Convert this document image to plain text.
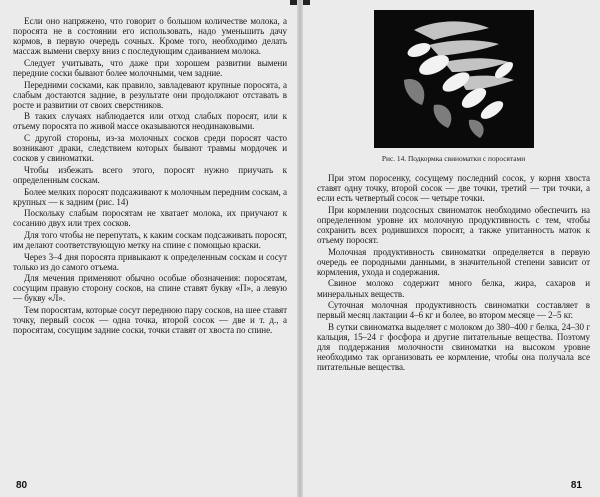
Если оно напряжено, что говорит о большом количестве молока, а поросята не в состоянии его использовать, надо уменьшить дачу кормов, в первую очередь сочных. Кроме того, необходимо делать массаж вымени сверху вниз с последующим сдаиванием молока.

Следует учитывать, что даже при хорошем развитии вымени передние соски бывают более молочными, чем задние.

Передними сосками, как правило, завладевают крупные поросята, а слабым достаются задние, в результате они продолжают отставать в росте и развитии от своих сверстников.

В таких случаях наблюдается или отход слабых поросят, или к отъему поросята по живой массе оказываются неодинаковыми.

С другой стороны, из-за молочных сосков среди поросят часто возникают драки, следствием которых бывают травмы мордочек и сосков у свиноматки.

Чтобы избежать всего этого, поросят нужно приучать к определенным соскам.

Более мелких поросят подсаживают к молочным передним соскам, а крупных — к задним (рис. 14)

Поскольку слабым поросятам не хватает молока, их приучают к сосанию двух или трех сосков.

Для того чтобы не перепутать, к каким соскам подсаживать поросят, им делают соответствующую метку на спине с помощью краски.

Через 3–4 дня поросята привыкают к определенным соскам и сосут только из до самого отъема.

Для мечения применяют обычно особые обозначения: поросятам, сосущим правую сторону сосков, на спине ставят букву «П», а левую — букву «Л».

Тем поросятам, которые сосут переднюю пару сосков, на шее ставят точку, первый сосок — одна точка, второй сосок — две и т. д., а поросятам, сосущим задние соски, точки ставят от хвоста по спине.

80
Рис. 14. Подкормка свиноматки с поросятами

При этом поросенку, сосущему последний сосок, у корня хвоста ставят одну точку, второй сосок — две точки, третий — три точки, а если есть четвертый сосок — четыре точки.

При кормлении подсосных свиноматок необходимо обеспечить на определенном уровне их молочную продуктивность с тем, чтобы сохранить всех родившихся поросят, а также упитанность маток к отъему поросят.

Молочная продуктивность свиноматки определяется в первую очередь ее породными данными, в значительной степени зависит от кормления, ухода и содержания.

Свиное молоко содержит много белка, жира, сахаров и минеральных веществ.

Суточная молочная продуктивность свиноматки составляет в первый месяц лактации 4–6 кг и более, во втором месяце — 2–5 кг.

В сутки свиноматка выделяет с молоком до 380–400 г белка, 24–30 г кальция, 15–24 г фосфора и другие питательные вещества. Поэтому для поддержания молочности свиноматки на высоком уровне необходимо так организовать ее кормление, чтобы она получала все питательные вещества.

81
